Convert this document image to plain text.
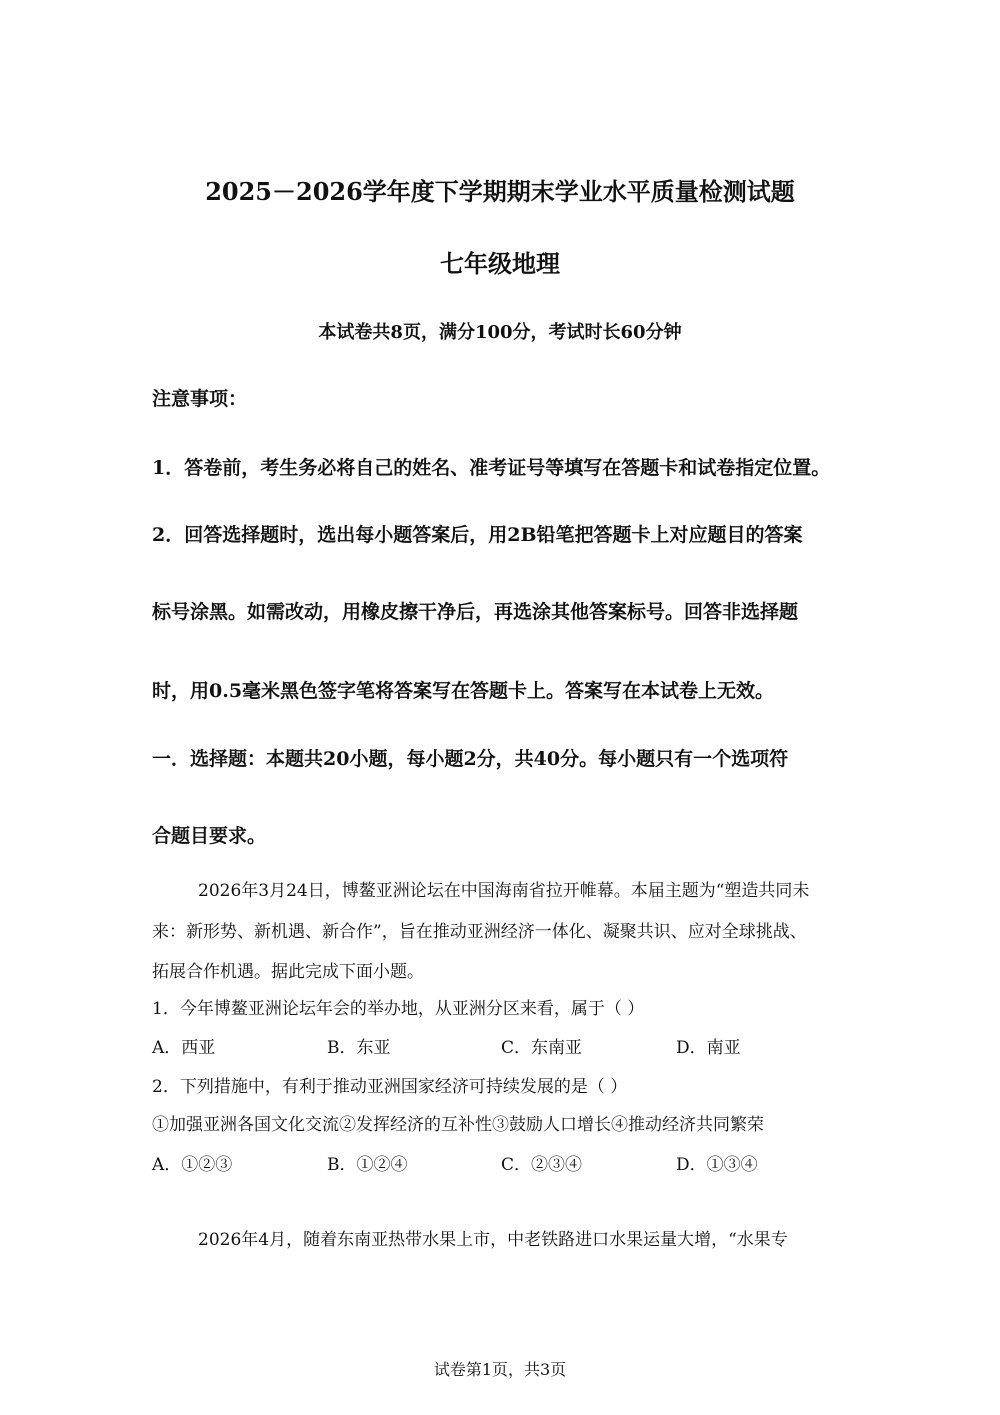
2025－2026学年度下学期期末学业水平质量检测试题
七年级地理
本试卷共8页，满分100分，考试时长60分钟
注意事项：
1．答卷前，考生务必将自己的姓名、准考证号等填写在答题卡和试卷指定位置。
2．回答选择题时，选出每小题答案后，用2B铅笔把答题卡上对应题目的答案
标号涂黑。如需改动，用橡皮擦干净后，再选涂其他答案标号。回答非选择题
时，用0.5毫米黑色签字笔将答案写在答题卡上。答案写在本试卷上无效。
一．选择题：本题共20小题，每小题2分，共40分。每小题只有一个选项符
合题目要求。
2026年3月24日，博鳌亚洲论坛在中国海南省拉开帷幕。本届主题为“塑造共同未
来：新形势、新机遇、新合作”，旨在推动亚洲经济一体化、凝聚共识、应对全球挑战、
拓展合作机遇。据此完成下面小题。
1．今年博鳌亚洲论坛年会的举办地，从亚洲分区来看，属于（ ）
A．西亚	B．东亚	C．东南亚	D．南亚
2．下列措施中，有利于推动亚洲国家经济可持续发展的是（ ）
①加强亚洲各国文化交流②发挥经济的互补性③鼓励人口增长④推动经济共同繁荣
A．①②③	B．①②④	C．②③④	D．①③④
2026年4月，随着东南亚热带水果上市，中老铁路进口水果运量大增，“水果专
试卷第1页，共3页
